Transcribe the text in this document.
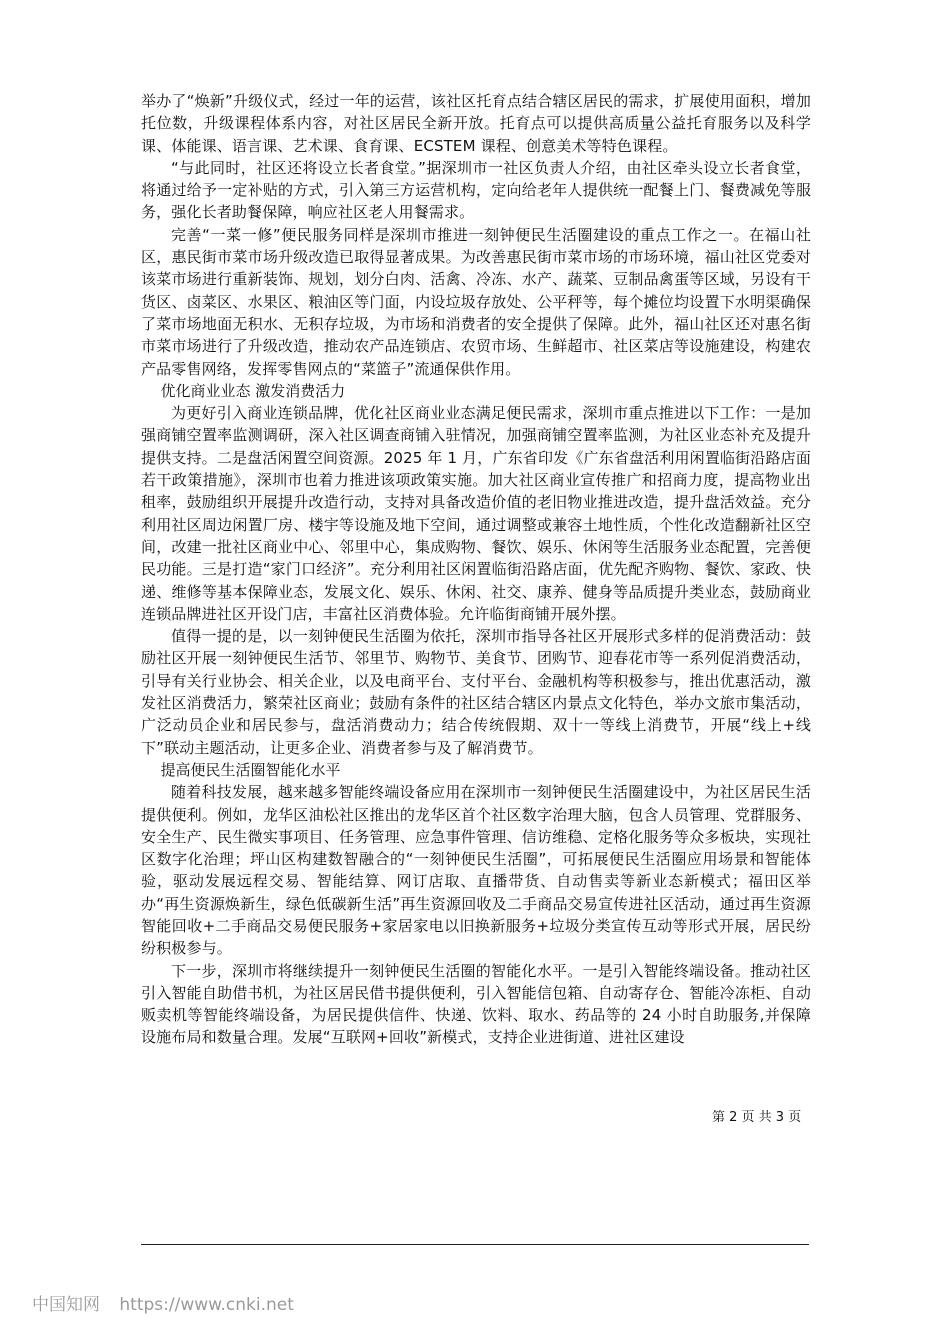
举办了“焕新”升级仪式，经过一年的运营，该社区托育点结合辖区居民的需求，扩展使用面积，增加托位数，升级课程体系内容，对社区居民全新开放。托育点可以提供高质量公益托育服务以及科学课、体能课、语言课、艺术课、食育课、ECSTEM 课程、创意美术等特色课程。

“与此同时，社区还将设立长者食堂。”据深圳市一社区负责人介绍，由社区牵头设立长者食堂，将通过给予一定补贴的方式，引入第三方运营机构，定向给老年人提供统一配餐上门、餐费减免等服务，强化长者助餐保障，响应社区老人用餐需求。

完善“一菜一修”便民服务同样是深圳市推进一刻钟便民生活圈建设的重点工作之一。在福山社区，惠民街市菜市场升级改造已取得显著成果。为改善惠民街市菜市场的市场环境，福山社区党委对该菜市场进行重新装饰、规划，划分白肉、活禽、冷冻、水产、蔬菜、豆制品禽蛋等区域，另设有干货区、卤菜区、水果区、粮油区等门面，内设垃圾存放处、公平秤等，每个摊位均设置下水明渠确保了菜市场地面无积水、无积存垃圾，为市场和消费者的安全提供了保障。此外，福山社区还对惠名街市菜市场进行了升级改造，推动农产品连锁店、农贸市场、生鲜超市、社区菜店等设施建设，构建农产品零售网络，发挥零售网点的“菜篮子”流通保供作用。

优化商业业态 激发消费活力

为更好引入商业连锁品牌，优化社区商业业态满足便民需求，深圳市重点推进以下工作：一是加强商铺空置率监测调研，深入社区调查商铺入驻情况，加强商铺空置率监测，为社区业态补充及提升提供支持。二是盘活闲置空间资源。2025 年 1 月，广东省印发《广东省盘活利用闲置临街沿路店面若干政策措施》，深圳市也着力推进该项政策实施。加大社区商业宣传推广和招商力度，提高物业出租率，鼓励组织开展提升改造行动，支持对具备改造价值的老旧物业推进改造，提升盘活效益。充分利用社区周边闲置厂房、楼宇等设施及地下空间，通过调整或兼容土地性质，个性化改造翻新社区空间，改建一批社区商业中心、邻里中心，集成购物、餐饮、娱乐、休闲等生活服务业态配置，完善便民功能。三是打造“家门口经济”。充分利用社区闲置临街沿路店面，优先配齐购物、餐饮、家政、快递、维修等基本保障业态，发展文化、娱乐、休闲、社交、康养、健身等品质提升类业态，鼓励商业连锁品牌进社区开设门店，丰富社区消费体验。允许临街商铺开展外摆。

值得一提的是，以一刻钟便民生活圈为依托，深圳市指导各社区开展形式多样的促消费活动：鼓励社区开展一刻钟便民生活节、邻里节、购物节、美食节、团购节、迎春花市等一系列促消费活动，引导有关行业协会、相关企业，以及电商平台、支付平台、金融机构等积极参与，推出优惠活动，激发社区消费活力，繁荣社区商业；鼓励有条件的社区结合辖区内景点文化特色，举办文旅市集活动，广泛动员企业和居民参与，盘活消费动力；结合传统假期、双十一等线上消费节，开展“线上+线下”联动主题活动，让更多企业、消费者参与及了解消费节。

提高便民生活圈智能化水平

随着科技发展，越来越多智能终端设备应用在深圳市一刻钟便民生活圈建设中，为社区居民生活提供便利。例如，龙华区油松社区推出的龙华区首个社区数字治理大脑，包含人员管理、党群服务、安全生产、民生微实事项目、任务管理、应急事件管理、信访维稳、定格化服务等众多板块，实现社区数字化治理；坪山区构建数智融合的“一刻钟便民生活圈”，可拓展便民生活圈应用场景和智能体验，驱动发展远程交易、智能结算、网订店取、直播带货、自动售卖等新业态新模式；福田区举办“再生资源焕新生，绿色低碳新生活”再生资源回收及二手商品交易宣传进社区活动，通过再生资源智能回收+二手商品交易便民服务+家居家电以旧换新服务+垃圾分类宣传互动等形式开展，居民纷纷积极参与。

下一步，深圳市将继续提升一刻钟便民生活圈的智能化水平。一是引入智能终端设备。推动社区引入智能自助借书机，为社区居民借书提供便利，引入智能信包箱、自动寄存仓、智能冷冻柜、自动贩卖机等智能终端设备，为居民提供信件、快递、饮料、取水、药品等的 24 小时自助服务,并保障设施布局和数量合理。发展“互联网+回收”新模式，支持企业进街道、进社区建设

第 2 页 共 3 页
中国知网 https://www.cnki.net
